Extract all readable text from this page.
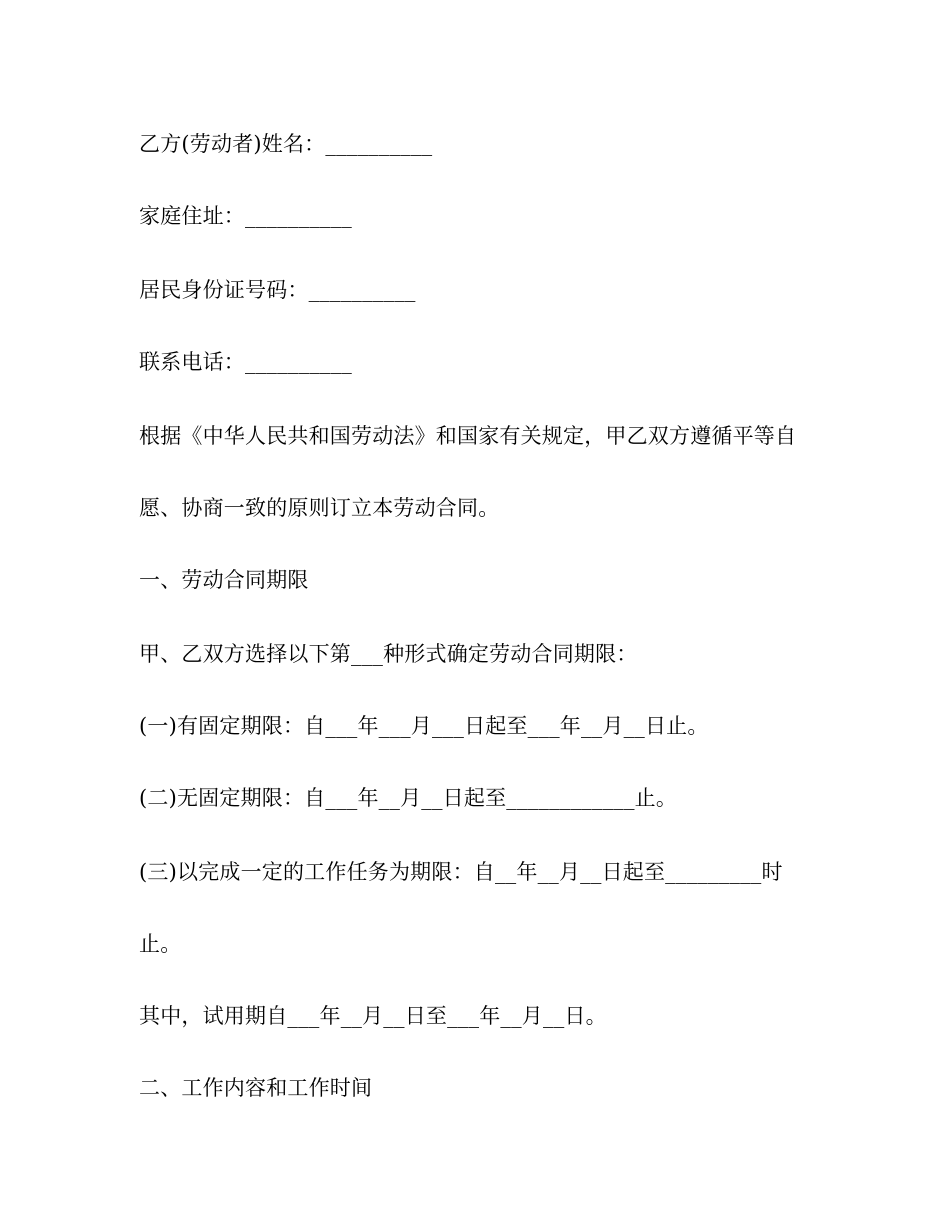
乙方(劳动者)姓名：__________
家庭住址：__________
居民身份证号码：__________
联系电话：__________
根据《中华人民共和国劳动法》和国家有关规定，甲乙双方遵循平等自
愿、协商一致的原则订立本劳动合同。
一、劳动合同期限
甲、乙双方选择以下第___种形式确定劳动合同期限：
(一)有固定期限：自___年___月___日起至___年__月__日止。
(二)无固定期限：自___年__月__日起至____________止。
(三)以完成一定的工作任务为期限：自__年__月__日起至_________时
止。
其中，试用期自___年__月__日至___年__月__日。
二、工作内容和工作时间
